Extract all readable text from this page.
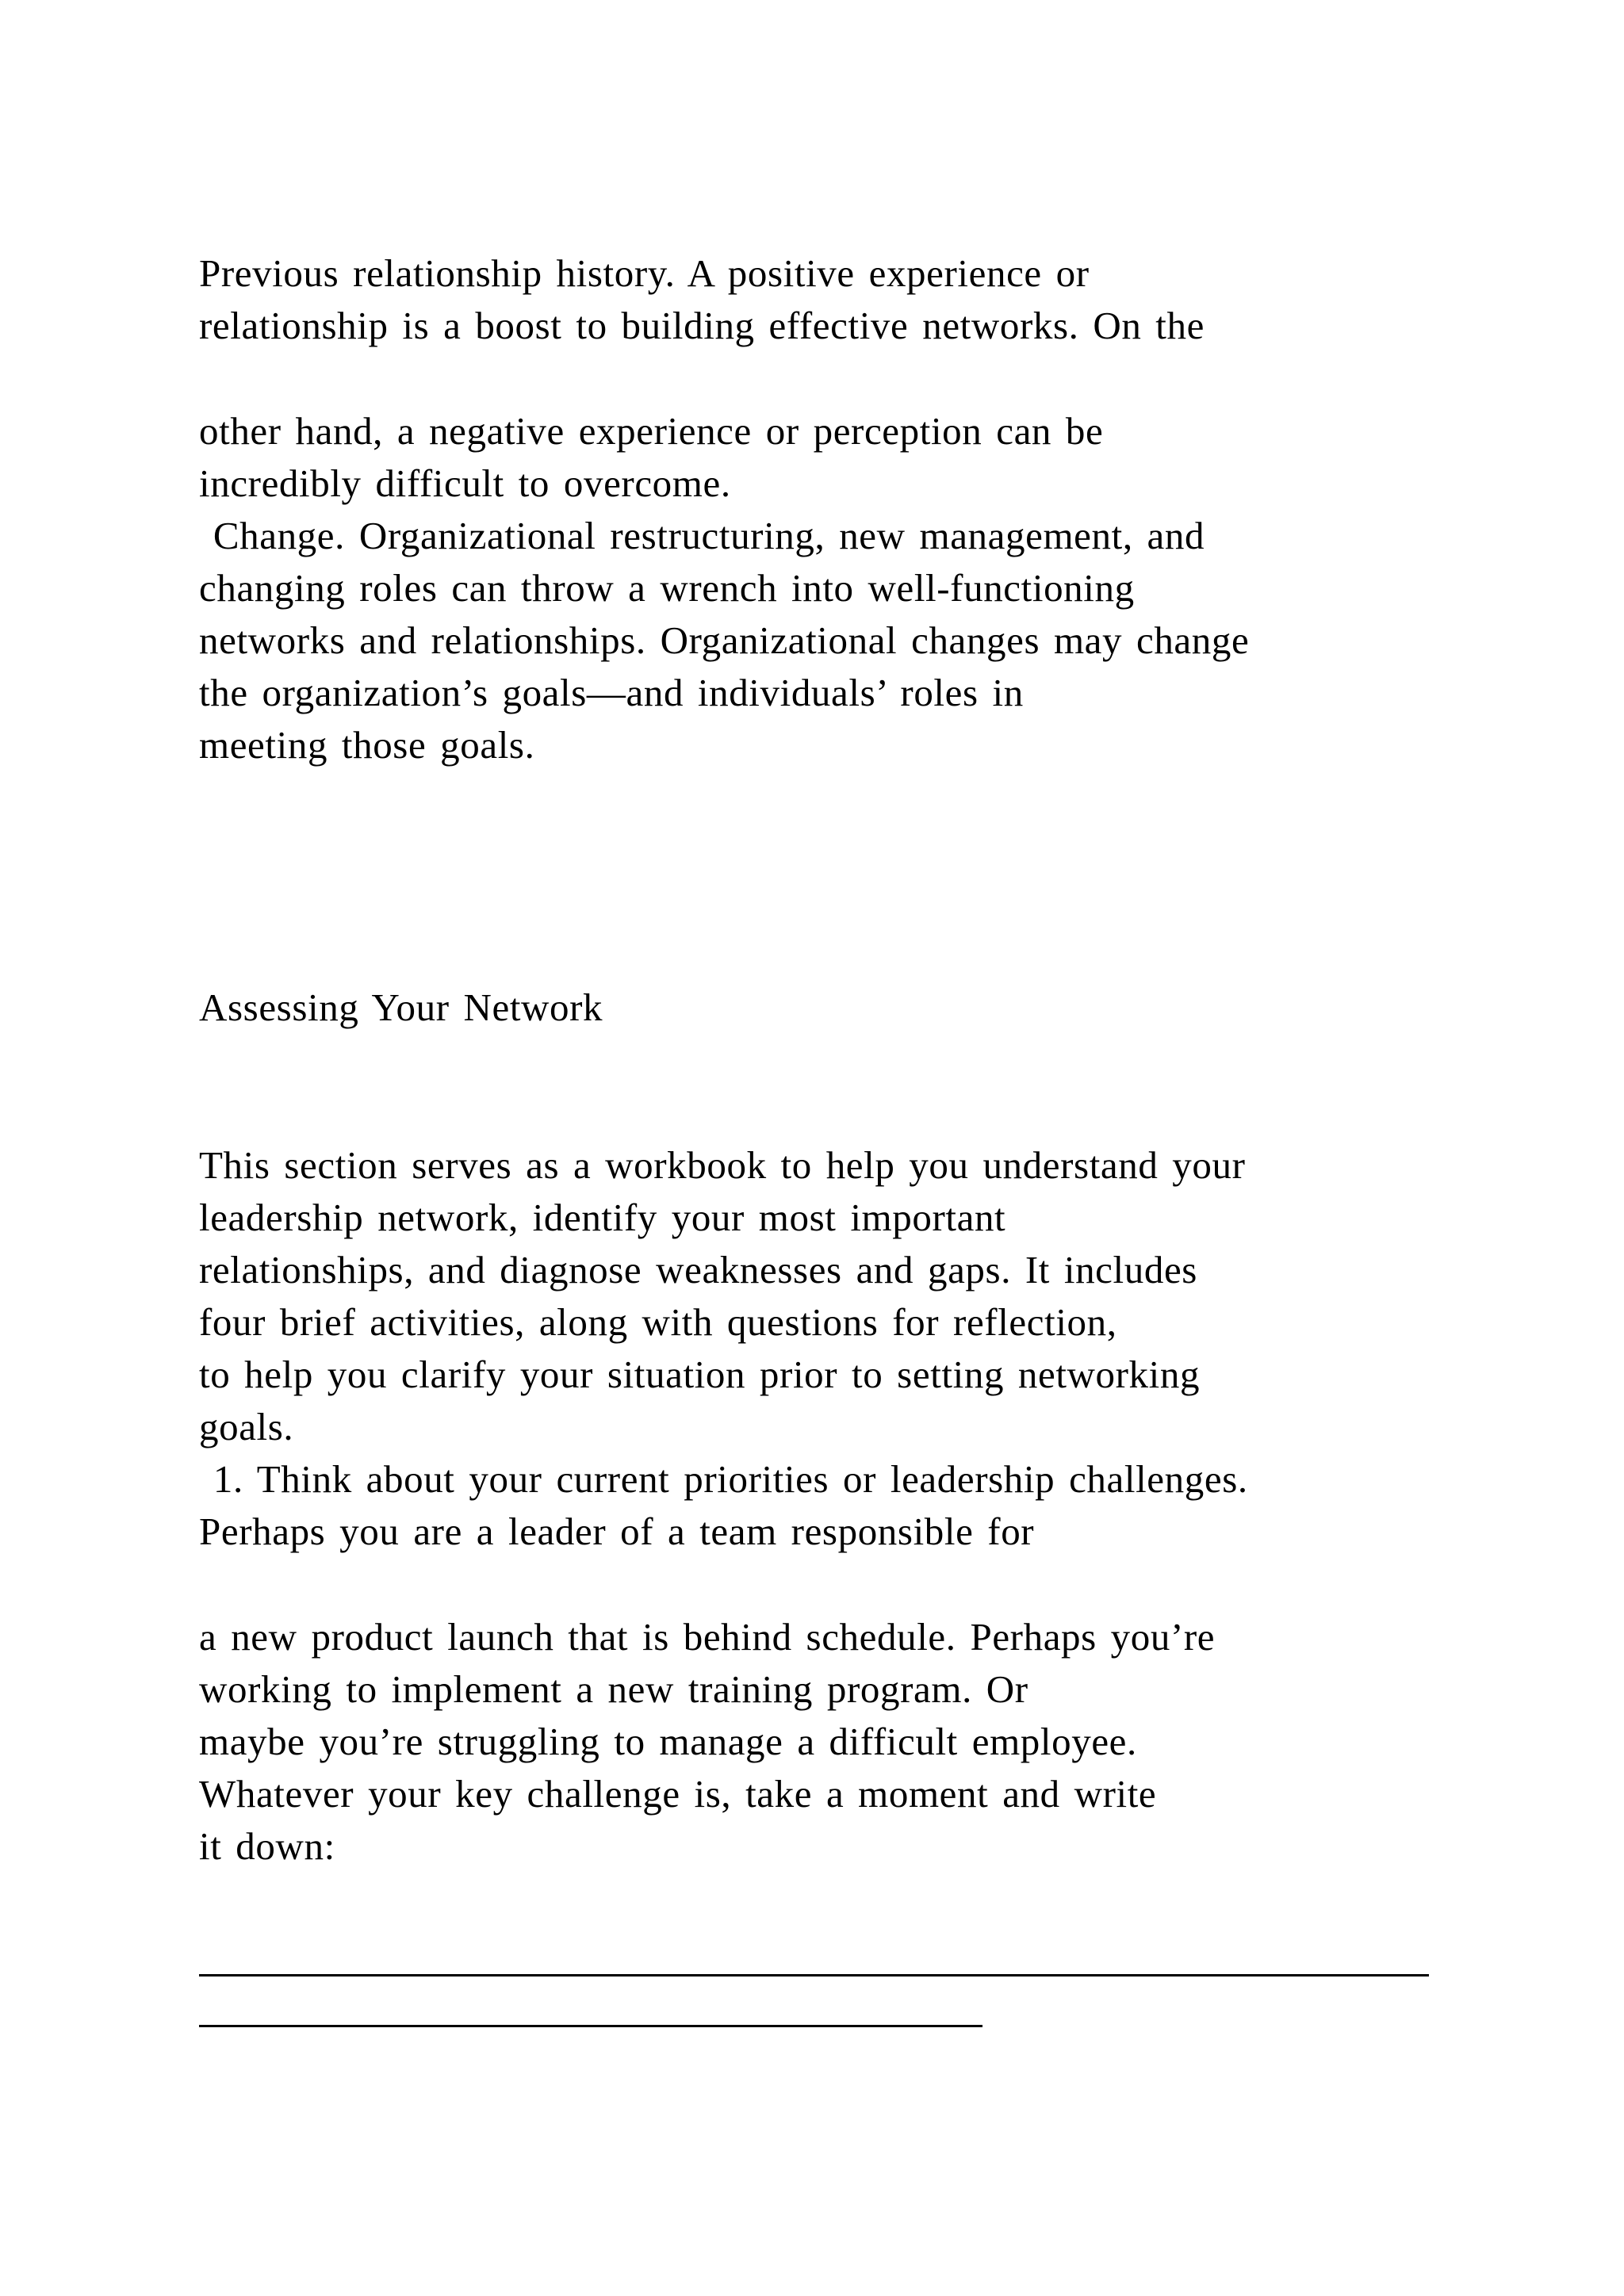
Previous relationship history. A positive experience or
relationship is a boost to building effective networks. On the
other hand, a negative experience or perception can be
incredibly difficult to overcome.
Change. Organizational restructuring, new management, and
changing roles can throw a wrench into well-functioning
networks and relationships. Organizational changes may change
the organization’s goals—and individuals’ roles in
meeting those goals.
Assessing Your Network
This section serves as a workbook to help you understand your
leadership network, identify your most important
relationships, and diagnose weaknesses and gaps. It includes
four brief activities, along with questions for reflection,
to help you clarify your situation prior to setting networking
goals.
1. Think about your current priorities or leadership challenges.
Perhaps you are a leader of a team responsible for
a new product launch that is behind schedule. Perhaps you’re
working to implement a new training program. Or
maybe you’re struggling to manage a difficult employee.
Whatever your key challenge is, take a moment and write
it down:
